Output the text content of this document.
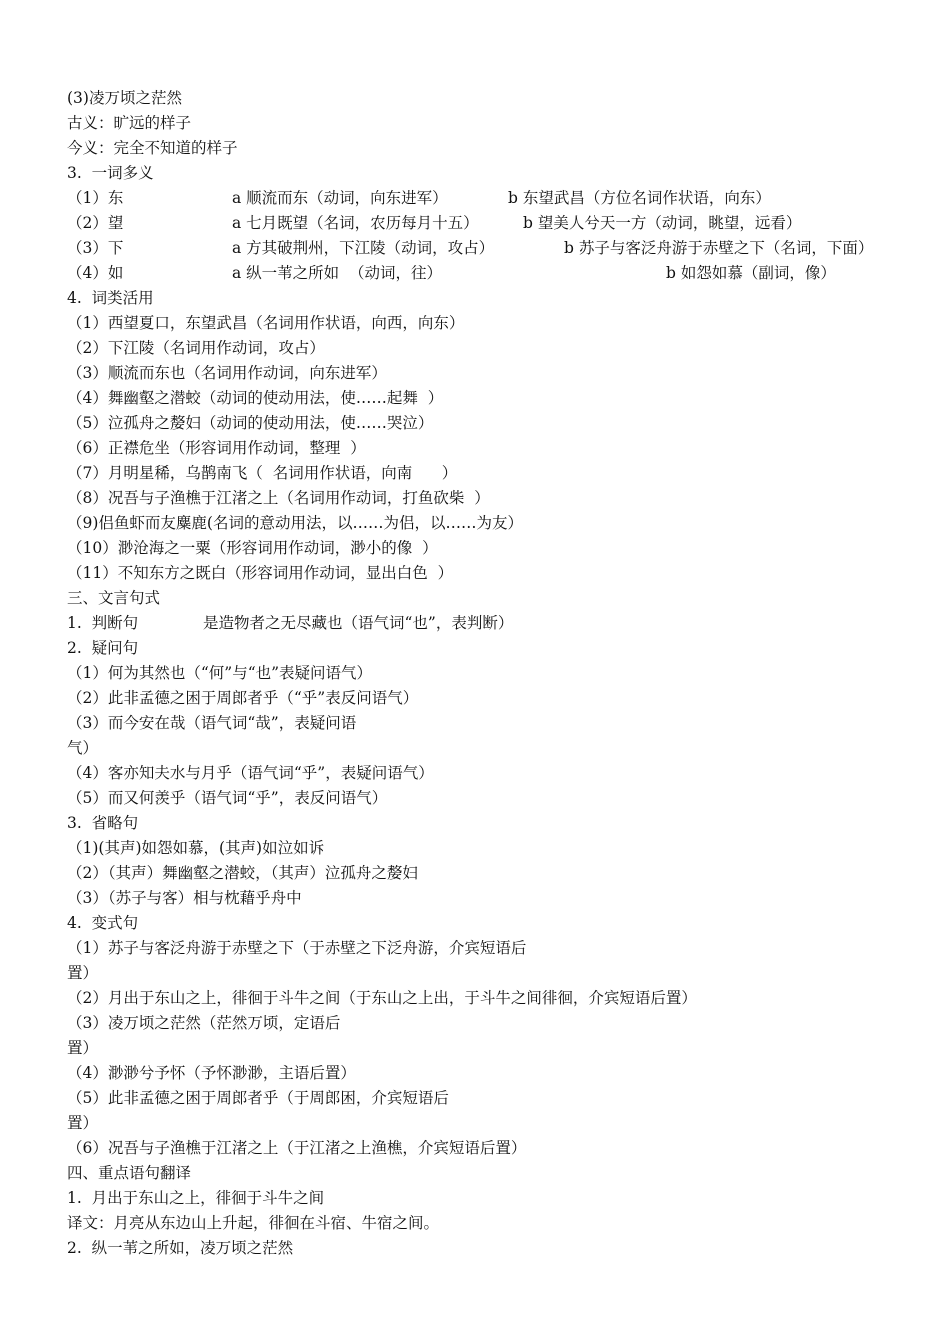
(3)凌万顷之茫然
古义：旷远的样子
今义：完全不知道的样子
3.  一词多义
（1）东	a 顺流而东（动词，向东进军）	b 东望武昌（方位名词作状语，向东）
（2）望	a 七月既望（名词，农历每月十五）	b 望美人兮天一方（动词，眺望，远看）
（3）下	a 方其破荆州，下江陵（动词，攻占）	b 苏子与客泛舟游于赤壁之下（名词，下面）
（4）如	a 纵一苇之所如  （动词，往）	b 如怨如慕（副词，像）
4.  词类活用
（1）西望夏口，东望武昌（名词用作状语，向西，向东）
（2）下江陵（名词用作动词，攻占）
（3）顺流而东也（名词用作动词，向东进军）
（4）舞幽壑之潜蛟（动词的使动用法，使……起舞  ）
（5）泣孤舟之嫠妇（动词的使动用法，使……哭泣）
（6）正襟危坐（形容词用作动词，整理  ）
（7）月明星稀，乌鹊南飞（  名词用作状语，向南      ）
（8）况吾与子渔樵于江渚之上（名词用作动词，打鱼砍柴  ）
（9)侣鱼虾而友麋鹿(名词的意动用法，以……为侣，以……为友）
（10）渺沧海之一粟（形容词用作动词，渺小的像  ）
（11）不知东方之既白（形容词用作动词，显出白色  ）
三、文言句式
1.  判断句	是造物者之无尽藏也（语气词“也”，表判断）
2.  疑问句
（1）何为其然也（“何”与“也”表疑问语气）
（2）此非孟德之困于周郎者乎（“乎”表反问语气）
（3）而今安在哉（语气词“哉”，表疑问语
气）
（4）客亦知夫水与月乎（语气词“乎”，表疑问语气）
（5）而又何羡乎（语气词“乎”，表反问语气）
3.  省略句
（1)(其声)如怨如慕，(其声)如泣如诉
（2）（其声）舞幽壑之潜蛟，（其声）泣孤舟之嫠妇
（3）（苏子与客）相与枕藉乎舟中
4.  变式句
（1）苏子与客泛舟游于赤壁之下（于赤壁之下泛舟游，介宾短语后
置）
（2）月出于东山之上，徘徊于斗牛之间（于东山之上出，于斗牛之间徘徊，介宾短语后置）
（3）凌万顷之茫然（茫然万顷，定语后
置）
（4）渺渺兮予怀（予怀渺渺，主语后置）
（5）此非孟德之困于周郎者乎（于周郎困，介宾短语后
置）
（6）况吾与子渔樵于江渚之上（于江渚之上渔樵，介宾短语后置）
四、重点语句翻译
1.  月出于东山之上，徘徊于斗牛之间
译文：月亮从东边山上升起，徘徊在斗宿、牛宿之间。
2.  纵一苇之所如，凌万顷之茫然
